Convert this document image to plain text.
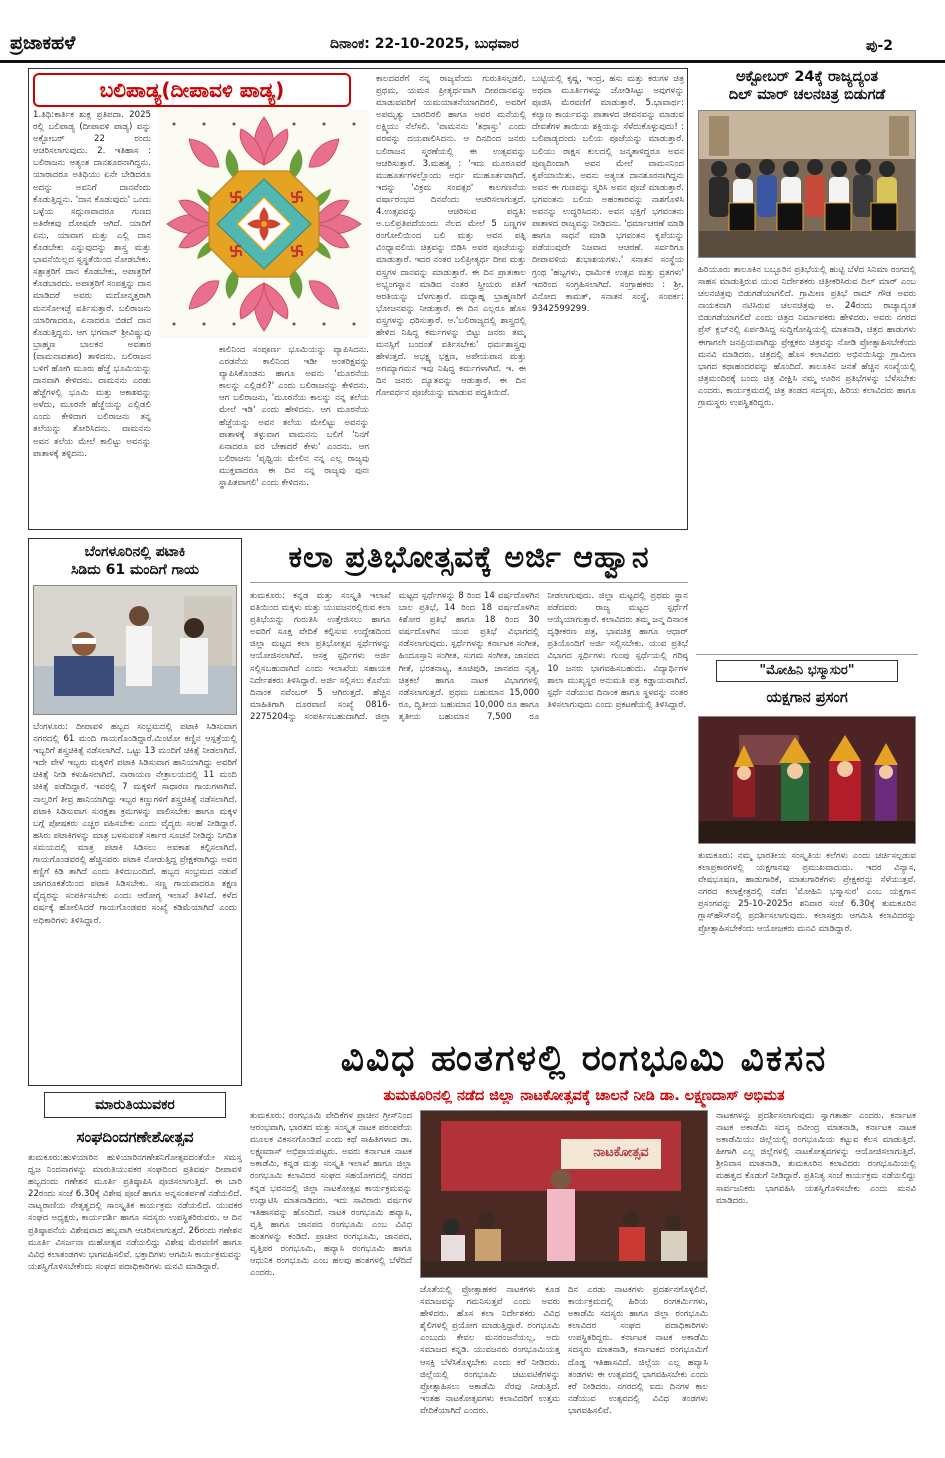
ಪ್ರಜಾಕಹಳೆ	ದಿನಾಂಕ: 22-10-2025, ಬುಧವಾರ	ಪು-2
ಬಲಿಪಾಡ್ಯ(ದೀಪಾವಳಿ ಪಾಡ್ಯ)
1.ತಿಥಿ:ಕಾರ್ತಿಕ ಶುಕ್ಲ ಪ್ರತಿಪದಾ. 2025 ರಲ್ಲಿ ಬಲಿಪಾಡ್ಯ (ದೀಪಾವಳಿ ಪಾಡ್ಯ) ವನ್ನು ಅಕ್ಟೋಬರ್ 22 ರಂದು ಆಚರಿಸಲಾಗುವುದು. 2. ಇತಿಹಾಸ : ಬಲಿರಾಜನು ಅತ್ಯಂತ ದಾನಶೂರನಾಗಿದ್ದನು. ಯಾರಾದರೂ ಅತಿಥಿಯು ಏನೇ ಬೇಡಿದರೂ ಅದನ್ನು ಅವನಿಗೆ ದಾನವೆಂದು ಕೊಡುತ್ತಿದ್ದನು. 'ದಾನ ಕೊಡುವುದು' ಒಂದು ಒಳ್ಳೆಯ ಸದ್ಗುಣವಾದರೂ ಗುಣದ ಅತಿರೇಕವು ದೋಷವೇ ಆಗಿದೆ. ಯಾರಿಗೆ ಏನು, ಯಾವಾಗ ಮತ್ತು ಎಲ್ಲಿ ದಾನ ಕೊಡಬೇಕು ಎನ್ನುವುದನ್ನು ಶಾಸ್ತ್ರ ಮತ್ತು ಭಾವನೆಯಿಲ್ಲದ ಸ್ವಸ್ಥತೆಯಿಂದ ನೋಡಬೇಕು. ಸತ್ಪಾತ್ರರಿಗೆ ದಾನ ಕೊಡಬೇಕು, ಅಪಾತ್ರರಿಗೆ ಕೊಡಬಾರದು. ಅಪಾತ್ರರಿಗೆ ಸಂಪತ್ತನ್ನು ದಾನ ಮಾಡಿದರೆ ಅವರು ಮದೋನ್ಮತ್ತರಾಗಿ ಮನಸೋಇಚ್ಛೆ ವರ್ತಿಸುತ್ತಾರೆ. ಬಲಿರಾಜನು ಯಾರಿಗಾದರೂ, ಏನಾದರೂ ಬಿಡದೆ ದಾನ ಕೊಡುತ್ತಿದ್ದನು. ಆಗ ಭಗವಾನ್ ಶ್ರೀವಿಷ್ಣುವು ಬ್ರಾಹ್ಮಣ ಬಾಲಕನ ಅವತಾರ (ವಾಮನಾವತಾರ) ತಾಳಿದನು. ಬಲಿರಾಜನ ಬಳಿಗೆ ಹೋಗಿ ಮೂರು ಹೆಜ್ಜೆ ಭೂಮಿಯನ್ನು ದಾನವಾಗಿ ಕೇಳಿದನು. ವಾಮನನು ಎರಡು ಹೆಜ್ಜೆಗಳಲ್ಲಿ ಭೂಮಿ ಮತ್ತು ಆಕಾಶವನ್ನು ಅಳೆದು, ಮೂರನೇ ಹೆಜ್ಜೆಯನ್ನು ಎಲ್ಲಿಡಲಿ ಎಂದು ಕೇಳಿದಾಗ ಬಲಿರಾಜನು ತನ್ನ ತಲೆಯನ್ನು ತೋರಿಸಿದನು. ವಾಮನನು ಅವನ ತಲೆಯ ಮೇಲೆ ಕಾಲಿಟ್ಟು ಅವನನ್ನು ಪಾತಾಳಕ್ಕೆ ತಳ್ಳಿದನು.
ಕಾಲಿನಿಂದ ಸಂಪೂರ್ಣ ಭೂಮಿಯನ್ನು ವ್ಯಾಪಿಸಿದನು. ಎರಡನೆಯ ಕಾಲಿನಿಂದ ಇಡೀ ಅಂತರಿಕ್ಷವನ್ನು ವ್ಯಾಪಿಸಿಕೊಂಡನು ಹಾಗೂ ಅವನು 'ಮೂರನೆಯ ಕಾಲನ್ನು ಎಲ್ಲಿಡಲಿ?' ಎಂದು ಬಲಿರಾಜನನ್ನು ಕೇಳಿದನು. ಆಗ ಬಲಿರಾಜನು, 'ಮೂರನೆಯ ಕಾಲನ್ನು ನನ್ನ ತಲೆಯ ಮೇಲೆ ಇಡಿ' ಎಂದು ಹೇಳಿದನು. ಆಗ ಮೂರನೆಯ ಹೆಜ್ಜೆಯನ್ನು ಅವನ ತಲೆಯ ಮೇಲಿಟ್ಟು ಅವನನ್ನು ಪಾತಾಳಕ್ಕೆ ತಳ್ಳುವಾಗ ವಾಮನನು ಬಲಿಗೆ 'ನಿನಗೆ ಏನಾದರೂ ವರ ಬೇಕಾದರೆ ಕೇಳು' ಎಂದನು. ಆಗ ಬಲಿರಾಜನು 'ಪೃಥ್ವಿಯ ಮೇಲಿನ ನನ್ನ ಎಲ್ಲ ರಾಜ್ಯವು ಮುಕ್ತವಾದರೂ ಈ ದಿನ ನನ್ನ ರಾಜ್ಯವು ಪುನಃ ಸ್ಥಾಪಿತವಾಗಲಿ' ಎಂದು ಕೇಳಿದನು.
ಕಾಲದವರೆಗೆ ನನ್ನ ರಾಜ್ಯವೆಂದು ಗುರುತಿಸಲ್ಪಡಲಿ. ಪ್ರಥಮ, ಯಮನ ಪ್ರೀತ್ಯರ್ಥವಾಗಿ ದೀಪದಾನವನ್ನು ಮಾಡುವವರಿಗೆ ಯಮಯಾತನೆಯಾಗದಿರಲಿ, ಅವರಿಗೆ ಅಪಮೃತ್ಯು ಬಾರದಿರಲಿ ಹಾಗೂ ಅವರ ಮನೆಯಲ್ಲಿ ಲಕ್ಷ್ಮಿಯು ನೆಲೆಸಲಿ. 'ವಾಮನನು 'ತಥಾಸ್ತು' ಎಂದು ವರವನ್ನು ದಯಪಾಲಿಸಿದನು. ಆ ದಿನದಿಂದ ಜನರು ಬಲಿರಾಜನ ಸ್ಮರಣೆಯಲ್ಲಿ ಈ ಉತ್ಸವವನ್ನು ಆಚರಿಸುತ್ತಾರೆ. 3.ಮಹತ್ವ : 'ಇದು ಮೂರೂವರೆ ಮುಹೂರ್ತಗಳಲ್ಲೊಂದು ಅರ್ಧ ಮುಹೂರ್ತವಾಗಿದೆ. ಇದನ್ನು 'ವಿಕ್ರಮ ಸಂವತ್ಸರ' ಕಾಲಗಣನೆಯ ವರ್ಷಾರಂಭದ ದಿನವೆಂದು ಆಚರಿಸಲಾಗುತ್ತದೆ. 4.ಉತ್ಸವವನ್ನು ಆಚರಿಸುವ ಪದ್ಧತಿ: ಅ.ಬಲಿಪ್ರತಿಪದೆಯಂದು ನೆಲದ ಮೇಲೆ 5 ಬಣ್ಣಗಳ ರಂಗೋಲಿಯಿಂದ ಬಲಿ ಮತ್ತು ಅವನ ಪತ್ನಿ ವಿಂಧ್ಯಾವಲಿಯ ಚಿತ್ರವನ್ನು ಬಿಡಿಸಿ ಅವರ ಪೂಜೆಯನ್ನು ಮಾಡುತ್ತಾರೆ. ಇದರ ನಂತರ ಬಲಿಪ್ರೀತ್ಯರ್ಥ ದೀಪ ಮತ್ತು ವಸ್ತ್ರಗಳ ದಾನವನ್ನು ಮಾಡುತ್ತಾರೆ. ಈ ದಿನ ಪ್ರಾತಃಕಾಲ ಅಭ್ಯಂಗಸ್ನಾನ ಮಾಡಿದ ನಂತರ ಸ್ತ್ರೀಯರು ಪತಿಗೆ ಆರತಿಯನ್ನು ಬೆಳಗುತ್ತಾರೆ. ಮಧ್ಯಾಹ್ನ ಬ್ರಾಹ್ಮಣರಿಗೆ ಭೋಜನವನ್ನು ನೀಡುತ್ತಾರೆ. ಈ ದಿನ ಎಲ್ಲರೂ ಹೊಸ ವಸ್ತ್ರಗಳನ್ನು ಧರಿಸುತ್ತಾರೆ. ಆ.'ಬಲಿರಾಜ್ಯದಲ್ಲಿ ಶಾಸ್ತ್ರದಲ್ಲಿ ಹೇಳಿದ ನಿಷಿದ್ಧ ಕರ್ಮಗಳನ್ನು ಬಿಟ್ಟು ಜನರು ತಮ್ಮ ಮನಸ್ಸಿಗೆ ಬಂದಂತೆ ವರ್ತಿಸಬೇಕು' ಧರ್ಮಶಾಸ್ತ್ರವು ಹೇಳುತ್ತದೆ. ಅಭಕ್ಷ್ಯ ಭಕ್ಷಣ, ಅಪೇಯಪಾನ ಮತ್ತು ಅಗಮ್ಯಾಗಮನ ಇವು ನಿಷಿದ್ಧ ಕರ್ಮಗಳಾಗಿವೆ. ಇ. ಈ ದಿನ ಜನರು ದ್ಯೂತವನ್ನು ಆಡುತ್ತಾರೆ. ಈ ದಿನ ಗೋವರ್ಧನ ಪೂಜೆಯನ್ನು ಮಾಡುವ ಪದ್ಧತಿಯಿದೆ.
ಬುಟ್ಟಿಯಲ್ಲಿ ಕೃಷ್ಣ, ಇಂದ್ರ, ಹಸು ಮತ್ತು ಕರುಗಳ ಚಿತ್ರ ಅಥವಾ ಮೂರ್ತಿಗಳನ್ನು ಜೋಡಿಸಿಟ್ಟು ಅವುಗಳನ್ನು ಪೂಜಿಸಿ ಮೆರವಣಿಗೆ ಮಾಡುತ್ತಾರೆ. 5.ಭಾವಾರ್ಥ: ಕಲ್ಯಾಣ ಕಾರ್ಯವನ್ನು ಪಾತಾಳದ ಜೀವನವನ್ನು ಮಾಡುವ ದೇವತೆಗಳ ತಾಯಿಯ ಶಕ್ತಿಯನ್ನು ಸೆಳೆದುಕೊಳ್ಳುವುದು! : ಬಲಿಪಾಡ್ಯದಂದು ಬಲಿಯ ಪೂಜೆಯನ್ನು ಮಾಡುತ್ತಾರೆ. ಬಲಿಯು ರಾಕ್ಷಸ ಕುಲದಲ್ಲಿ ಜನ್ಮತಾಳಿದ್ದರೂ ಅವನ ಪುಣ್ಯದಿಂದಾಗಿ ಅವನ ಮೇಲೆ ವಾಮನನಿಂದ ಕೃಪೆಯಾಯಿತು. ಅವನು ಅತ್ಯಂತ ದಾನಶೂರನಾಗಿದ್ದನು ಅವನ ಈ ಗುಣವನ್ನು ಸ್ಮರಿಸಿ ಅವನ ಪೂಜೆ ಮಾಡುತ್ತಾರೆ. ಭಗವಂತನು ಬಲಿಯ ಅಹಂಕಾರವನ್ನು ನಾಶಗೊಳಿಸಿ ಅವನನ್ನು ಉದ್ಧರಿಸಿದನು. ಅವನ ಭಕ್ತಿಗೆ ಭಗವಂತನು ಪಾತಾಳದ ರಾಜ್ಯವನ್ನು ನೀಡಿದನು. 'ಧರ್ಮಾಚರಣೆ ಮಾಡಿ ಹಾಗೂ ಸಾಧನೆ ಮಾಡಿ ಭಗವಂತನ ಕೃಪೆಯನ್ನು ಪಡೆಯುವುದೇ ನಿಜವಾದ ಆಚರಣೆ. ಸರ್ವರಿಗೂ ದೀಪಾವಳಿಯ ಶುಭಾಶಯಗಳು.' ಸನಾತನ ಸಂಸ್ಥೆಯ ಗ್ರಂಥ 'ಹಬ್ಬಗಳು, ಧಾರ್ಮಿಕ ಉತ್ಸವ ಮತ್ತು ವ್ರತಗಳು' ಇದರಿಂದ ಸಂಗ್ರಹಿಸಲಾಗಿದೆ. ಸಂಗ್ರಾಹಕರು : ಶ್ರೀ. ವಿನೋದ ಕಾಮತ್, ಸನಾತನ ಸಂಸ್ಥೆ, ಸಂಪರ್ಕ: 9342599299.
ಅಕ್ಟೋಬರ್ 24ಕ್ಕೆ ರಾಜ್ಯದ್ಯಂತ
ದಿಲ್ ಮಾರ್ ಚಲನಚಿತ್ರ ಬಿಡುಗಡೆ
ಹಿರಿಯೂರು ತಾಲೂಕಿನ ಬಬ್ಬೂರಿನ ಪ್ರತಿಭೆಯಲ್ಲಿ ಹುಟ್ಟಿ ಬೆಳೆದ ಸಿನಿಮಾ ರಂಗದಲ್ಲಿ ಸಾಹಸ ಮಾಡುತ್ತಿರುವ ಯುವ ನಿರ್ದೇಶಕರು ಚಿತ್ರೀಕರಿಸಿರುವ ದಿಲ್ ಮಾರ್ ಎಂಬ ಚಲನಚಿತ್ರವು ಬಿಡುಗಡೆಯಾಗಲಿದೆ. ಗ್ರಾಮೀಣ ಪ್ರತಿಭೆ ರಾಮ್ ಗೌಡ ಅವರು ನಾಯಕನಾಗಿ ನಟಿಸಿರುವ ಚಲನಚಿತ್ರವು ಅ. 24ರಂದು ರಾಜ್ಯಾದ್ಯಂತ ಬಿಡುಗಡೆಯಾಗಲಿದೆ ಎಂದು ಚಿತ್ರದ ನಿರ್ಮಾಪಕರು ಹೇಳಿದರು. ಅವರು ನಗರದ ಪ್ರೆಸ್ ಕ್ಲಬ್‌ನಲ್ಲಿ ಏರ್ಪಡಿಸಿದ್ದ ಸುದ್ದಿಗೋಷ್ಠಿಯಲ್ಲಿ ಮಾತನಾಡಿ, ಚಿತ್ರದ ಹಾಡುಗಳು ಈಗಾಗಲೇ ಜನಪ್ರಿಯವಾಗಿದ್ದು ಪ್ರೇಕ್ಷಕರು ಚಿತ್ರವನ್ನು ನೋಡಿ ಪ್ರೋತ್ಸಾಹಿಸಬೇಕೆಂದು ಮನವಿ ಮಾಡಿದರು. ಚಿತ್ರದಲ್ಲಿ ಹೊಸ ಕಲಾವಿದರು ಅಭಿನಯಿಸಿದ್ದು ಗ್ರಾಮೀಣ ಭಾಗದ ಕಥಾಹಂದರವನ್ನು ಹೊಂದಿದೆ. ತಾಲೂಕಿನ ಜನತೆ ಹೆಚ್ಚಿನ ಸಂಖ್ಯೆಯಲ್ಲಿ ಚಿತ್ರಮಂದಿರಕ್ಕೆ ಬಂದು ಚಿತ್ರ ವೀಕ್ಷಿಸಿ ನಮ್ಮ ಊರಿನ ಪ್ರತಿಭೆಗಳನ್ನು ಬೆಳೆಸಬೇಕು ಎಂದರು. ಕಾರ್ಯಕ್ರಮದಲ್ಲಿ ಚಿತ್ರ ತಂಡದ ಸದಸ್ಯರು, ಹಿರಿಯ ಕಲಾವಿದರು ಹಾಗೂ ಗ್ರಾಮಸ್ಥರು ಉಪಸ್ಥಿತರಿದ್ದರು.
"ಮೋಹಿನಿ ಭಸ್ಮಾಸುರ"
ಯಕ್ಷಗಾನ ಪ್ರಸಂಗ
ತುಮಕೂರು: ನಮ್ಮ ಭಾರತೀಯ ಸಂಸ್ಕೃತಿಯ ಕಲೆಗಳು ಎಂದು ಚರ್ಚಿಸಲ್ಪಡುವ ಕಲಾಪ್ರಕಾರಗಳಲ್ಲಿ ಯಕ್ಷಗಾನವು ಪ್ರಮುಖವಾದುದು. ಇದರ ವಿನ್ಯಾಸ, ವೇಷಭೂಷಣ, ಹಾಡುಗಾರಿಕೆ, ಮಾತುಗಾರಿಕೆಗಳು ಪ್ರೇಕ್ಷಕರನ್ನು ಸೆಳೆಯುತ್ತವೆ. ನಗರದ ಕಲಾಕ್ಷೇತ್ರದಲ್ಲಿ ನಡೆದ 'ಮೋಹಿನಿ ಭಸ್ಮಾಸುರ' ಎಂಬ ಯಕ್ಷಗಾನ ಪ್ರಸಂಗವನ್ನು 25-10-2025ರ ಶನಿವಾರ ಸಂಜೆ 6.30ಕ್ಕೆ ತುಮಕೂರಿನ ಗ್ಲಾಸ್‌ಹೌಸ್‌ನಲ್ಲಿ ಪ್ರದರ್ಶಿಸಲಾಗುವುದು. ಕಲಾಸಕ್ತರು ಆಗಮಿಸಿ ಕಲಾವಿದರನ್ನು ಪ್ರೋತ್ಸಾಹಿಸಬೇಕೆಂದು ಆಯೋಜಕರು ಮನವಿ ಮಾಡಿದ್ದಾರೆ.
ಬೆಂಗಳೂರಿನಲ್ಲಿ ಪಟಾಕಿ
ಸಿಡಿದು 61 ಮಂದಿಗೆ ಗಾಯ
ಬೆಂಗಳೂರು: ದೀಪಾವಳಿ ಹಬ್ಬದ ಸಂಭ್ರಮದಲ್ಲಿ ಪಟಾಕಿ ಸಿಡಿಸುವಾಗ ನಗರದಲ್ಲಿ 61 ಮಂದಿ ಗಾಯಗೊಂಡಿದ್ದಾರೆ.ಮಿಂಟೋ ಕಣ್ಣಿನ ಆಸ್ಪತ್ರೆಯಲ್ಲಿ ಇಬ್ಬರಿಗೆ ಶಸ್ತ್ರಚಿಕಿತ್ಸೆ ನಡೆಸಲಾಗಿದೆ. ಒಟ್ಟು 13 ಮಂದಿಗೆ ಚಿಕಿತ್ಸೆ ನೀಡಲಾಗಿದೆ. ಇದೇ ವೇಳೆ ಇಬ್ಬರು ಮಕ್ಕಳಿಗೆ ಪಟಾಕಿ ಸಿಡಿಸುವಾಗ ಹಾನಿಯಾಗಿದ್ದು ಅವರಿಗೆ ಚಿಕಿತ್ಸೆ ನೀಡಿ ಕಳುಹಿಸಲಾಗಿದೆ. ನಾರಾಯಣ ನೇತ್ರಾಲಯದಲ್ಲಿ 11 ಮಂದಿ ಚಿಕಿತ್ಸೆ ಪಡೆದಿದ್ದಾರೆ. ಇವರಲ್ಲಿ 7 ಮಕ್ಕಳಿಗೆ ಸಾಧಾರಣ ಗಾಯಗಳಾಗಿವೆ. ನಾಲ್ವರಿಗೆ ತೀವ್ರ ಹಾನಿಯಾಗಿದ್ದು ಇಬ್ಬರ ಕಣ್ಣುಗಳಿಗೆ ಶಸ್ತ್ರಚಿಕಿತ್ಸೆ ನಡೆಸಲಾಗಿದೆ. ಪಟಾಕಿ ಸಿಡಿಸುವಾಗ ಸುರಕ್ಷತಾ ಕ್ರಮಗಳನ್ನು ಪಾಲಿಸಬೇಕು ಹಾಗೂ ಮಕ್ಕಳ ಬಗ್ಗೆ ಪೋಷಕರು ಎಚ್ಚರ ವಹಿಸಬೇಕು ಎಂದು ವೈದ್ಯರು ಸಲಹೆ ನೀಡಿದ್ದಾರೆ. ಹಸಿರು ಪಟಾಕಿಗಳನ್ನು ಮಾತ್ರ ಬಳಸುವಂತೆ ಸರ್ಕಾರ ಸೂಚನೆ ನೀಡಿದ್ದು ನಿಗದಿತ ಸಮಯದಲ್ಲಿ ಮಾತ್ರ ಪಟಾಕಿ ಸಿಡಿಸಲು ಅವಕಾಶ ಕಲ್ಪಿಸಲಾಗಿದೆ. ಗಾಯಗೊಂಡವರಲ್ಲಿ ಹೆಚ್ಚಿನವರು ಪಟಾಕಿ ನೋಡುತ್ತಿದ್ದ ಪ್ರೇಕ್ಷಕರಾಗಿದ್ದು ಅವರ ಕಣ್ಣಿಗೆ ಕಿಡಿ ತಾಗಿದೆ ಎಂದು ತಿಳಿದುಬಂದಿದೆ. ಹಬ್ಬದ ಸಂಭ್ರಮದ ನಡುವೆ ಜಾಗರೂಕತೆಯಿಂದ ಪಟಾಕಿ ಸಿಡಿಸಬೇಕು. ಸಣ್ಣ ಗಾಯವಾದರೂ ತಕ್ಷಣ ವೈದ್ಯರನ್ನು ಸಂಪರ್ಕಿಸಬೇಕು ಎಂದು ಆರೋಗ್ಯ ಇಲಾಖೆ ತಿಳಿಸಿದೆ. ಕಳೆದ ವರ್ಷಕ್ಕೆ ಹೋಲಿಸಿದರೆ ಗಾಯಗೊಂಡವರ ಸಂಖ್ಯೆ ಕಡಿಮೆಯಾಗಿದೆ ಎಂದು ಅಧಿಕಾರಿಗಳು ತಿಳಿಸಿದ್ದಾರೆ.
ಮಾರುತಿಯುವಕರ
ಸಂಘದಿಂದಗಣೇಶೋತ್ಸವ
ತುಮಕೂರು:ಹುಳಿಯಾರಿನ ಹುಳಿಯಾರಿನಗಣೇಶನಿಗೋತ್ಸವದಂತೆಯೇ ಸಮಸ್ತ ಧ್ವಜ ನಿಂದನಾಗಳನ್ನು ಮಾರುತಿಯುವಕರ ಸಂಘದಿಂದ ಪ್ರತಿವರ್ಷ ದೀಪಾವಳಿ ಹಬ್ಬದಂದು ಗಣೇಶನ ಮೂರ್ತಿ ಪ್ರತಿಷ್ಠಾಪಿಸಿ ಪೂಜಿಸಲಾಗುತ್ತಿದೆ. ಈ ಬಾರಿ 22ರಂದು ಸಂಜೆ 6.30ಕ್ಕೆ ವಿಶೇಷ ಪೂಜೆ ಹಾಗೂ ಅನ್ನಸಂತರ್ಪಣೆ ನಡೆಯಲಿದೆ. ನಾಟ್ಯರಾಣಿಯ ನೇತೃತ್ವದಲ್ಲಿ ಸಾಂಸ್ಕೃತಿಕ ಕಾರ್ಯಕ್ರಮ ನಡೆಯಲಿದೆ. ಯುವಕರ ಸಂಘದ ಅಧ್ಯಕ್ಷರು, ಕಾರ್ಯದರ್ಶಿ ಹಾಗೂ ಸದಸ್ಯರು ಉಪಸ್ಥಿತರಿರುವರು. ಆ ದಿನ ಪ್ರತಿಷ್ಠಾಪನೆಯ ವಿಶೇಷವಾದ ಹಬ್ಬವಾಗಿ ಆಚರಿಸಲಾಗುತ್ತದೆ. 26ರಂದು ಗಣೇಶನ ಮೂರ್ತಿ ವಿಸರ್ಜನಾ ಮಹೋತ್ಸವ ನಡೆಯಲಿದ್ದು ವಿಶೇಷ ಮೆರವಣಿಗೆ ಹಾಗೂ ವಿವಿಧ ಕಲಾತಂಡಗಳು ಭಾಗವಹಿಸಲಿವೆ. ಭಕ್ತಾದಿಗಳು ಆಗಮಿಸಿ ಕಾರ್ಯಕ್ರಮವನ್ನು ಯಶಸ್ವಿಗೊಳಿಸಬೇಕೆಂದು ಸಂಘದ ಪದಾಧಿಕಾರಿಗಳು ಮನವಿ ಮಾಡಿದ್ದಾರೆ.
ಕಲಾ ಪ್ರತಿಭೋತ್ಸವಕ್ಕೆ ಅರ್ಜಿ ಆಹ್ವಾನ
ತುಮಕೂರು: ಕನ್ನಡ ಮತ್ತು ಸಂಸ್ಕೃತಿ ಇಲಾಖೆ ವತಿಯಿಂದ ಮಕ್ಕಳು ಮತ್ತು ಯುವಜನರಲ್ಲಿರುವ ಕಲಾ ಪ್ರತಿಭೆಯನ್ನು ಗುರುತಿಸಿ ಉತ್ತೇಜಿಸಲು ಹಾಗೂ ಅವರಿಗೆ ಸೂಕ್ತ ವೇದಿಕೆ ಕಲ್ಪಿಸುವ ಉದ್ದೇಶದಿಂದ ಜಿಲ್ಲಾ ಮಟ್ಟದ ಕಲಾ ಪ್ರತಿಭೋತ್ಸವ ಸ್ಪರ್ಧೆಗಳನ್ನು ಆಯೋಜಿಸಲಾಗಿದೆ. ಆಸಕ್ತ ಸ್ಪರ್ಧಿಗಳು ಅರ್ಜಿ ಸಲ್ಲಿಸಬಹುದಾಗಿದೆ ಎಂದು ಇಲಾಖೆಯ ಸಹಾಯಕ ನಿರ್ದೇಶಕರು ತಿಳಿಸಿದ್ದಾರೆ. ಅರ್ಜಿ ಸಲ್ಲಿಸಲು ಕೊನೆಯ ದಿನಾಂಕ ನವೆಂಬರ್ 5 ಆಗಿರುತ್ತದೆ. ಹೆಚ್ಚಿನ ಮಾಹಿತಿಗಾಗಿ ದೂರವಾಣಿ ಸಂಖ್ಯೆ 0816-2275204ನ್ನು ಸಂಪರ್ಕಿಸಬಹುದಾಗಿದೆ. ಜಿಲ್ಲಾ ಮಟ್ಟದ ಸ್ಪರ್ಧೆಗಳನ್ನು 8 ರಿಂದ 14 ವರ್ಷದೊಳಗಿನ ಬಾಲ ಪ್ರತಿಭೆ, 14 ರಿಂದ 18 ವರ್ಷದೊಳಗಿನ ಕಿಶೋರ ಪ್ರತಿಭೆ ಹಾಗೂ 18 ರಿಂದ 30 ವರ್ಷದೊಳಗಿನ ಯುವ ಪ್ರತಿಭೆ ವಿಭಾಗದಲ್ಲಿ ನಡೆಸಲಾಗುವುದು. ಸ್ಪರ್ಧೆಗಳನ್ನು ಕರ್ನಾಟಕ ಸಂಗೀತ, ಹಿಂದೂಸ್ತಾನಿ ಸಂಗೀತ, ಸುಗಮ ಸಂಗೀತ, ಜಾನಪದ ಗೀತೆ, ಭರತನಾಟ್ಯ, ಕೂಚಿಪುಡಿ, ಜಾನಪದ ನೃತ್ಯ, ಚಿತ್ರಕಲೆ ಹಾಗೂ ನಾಟಕ ವಿಭಾಗಗಳಲ್ಲಿ ನಡೆಸಲಾಗುತ್ತದೆ. ಪ್ರಥಮ ಬಹುಮಾನ 15,000 ರೂ, ದ್ವಿತೀಯ ಬಹುಮಾನ 10,000 ರೂ ಹಾಗೂ ತೃತೀಯ ಬಹುಮಾನ 7,500 ರೂ ನೀಡಲಾಗುವುದು. ಜಿಲ್ಲಾ ಮಟ್ಟದಲ್ಲಿ ಪ್ರಥಮ ಸ್ಥಾನ ಪಡೆದವರು ರಾಜ್ಯ ಮಟ್ಟದ ಸ್ಪರ್ಧೆಗೆ ಆಯ್ಕೆಯಾಗುತ್ತಾರೆ. ಕಲಾವಿದರು ತಮ್ಮ ಜನ್ಮ ದಿನಾಂಕ ದೃಢೀಕರಣ ಪತ್ರ, ಭಾವಚಿತ್ರ ಹಾಗೂ ಆಧಾರ್ ಪ್ರತಿಯೊಂದಿಗೆ ಅರ್ಜಿ ಸಲ್ಲಿಸಬೇಕು. ಯುವ ಪ್ರತಿಭೆ ವಿಭಾಗದ ಸ್ಪರ್ಧಿಗಳು ಗುಂಪು ಸ್ಪರ್ಧೆಯಲ್ಲಿ ಗರಿಷ್ಠ 10 ಜನರು ಭಾಗವಹಿಸಬಹುದು. ವಿದ್ಯಾರ್ಥಿಗಳ ಶಾಲಾ ಮುಖ್ಯಸ್ಥರ ಅನುಮತಿ ಪತ್ರ ಕಡ್ಡಾಯವಾಗಿದೆ. ಸ್ಪರ್ಧೆ ನಡೆಯುವ ದಿನಾಂಕ ಹಾಗೂ ಸ್ಥಳವನ್ನು ನಂತರ ತಿಳಿಸಲಾಗುವುದು ಎಂದು ಪ್ರಕಟಣೆಯಲ್ಲಿ ತಿಳಿಸಿದ್ದಾರೆ.
ವಿವಿಧ ಹಂತಗಳಲ್ಲಿ ರಂಗಭೂಮಿ ವಿಕಸನ
ತುಮಕೂರಿನಲ್ಲಿ ನಡೆದ ಜಿಲ್ಲಾ ನಾಟಕೋತ್ಸವಕ್ಕೆ ಚಾಲನೆ ನೀಡಿ ಡಾ. ಲಕ್ಷ್ಮಣದಾಸ್ ಅಭಿಮತ
ತುಮಕೂರು: ರಂಗಭೂಮಿ ವೇದಿಕೆಗಳ ಪ್ರಾಚೀನ ಗ್ರೀಸ್‌ನಿಂದ ಆರಂಭವಾಗಿ, ಭಾರತದ ಮತ್ತು ಸಂಸ್ಕೃತ ನಾಟಕ ಪರಂಪರೆಯ ಮೂಲಕ ವಿಕಸನಗೊಂಡಿದೆ ಎಂದು ಕಥೆ ಸಾಹಿತಿಗಳಾದ ಡಾ. ಲಕ್ಷ್ಮಣದಾಸ್ ಅಭಿಪ್ರಾಯಪಟ್ಟರು. ಅವರು ಕರ್ನಾಟಕ ನಾಟಕ ಅಕಾಡೆಮಿ, ಕನ್ನಡ ಮತ್ತು ಸಂಸ್ಕೃತಿ ಇಲಾಖೆ ಹಾಗೂ ಜಿಲ್ಲಾ ರಂಗಭೂಮಿ ಕಲಾವಿದರ ಸಂಘದ ಸಹಯೋಗದಲ್ಲಿ ನಗರದ ಕನ್ನಡ ಭವನದಲ್ಲಿ ಜಿಲ್ಲಾ ನಾಟಕೋತ್ಸವ ಕಾರ್ಯಕ್ರಮವನ್ನು ಉದ್ಘಾಟಿಸಿ ಮಾತನಾಡಿದರು. ಇದು ಸಾವಿರಾರು ವರ್ಷಗಳ ಇತಿಹಾಸವನ್ನು ಹೊಂದಿದೆ. ನಾಟಕ ರಂಗಭೂಮಿ ಹವ್ಯಾಸಿ, ವೃತ್ತಿ ಹಾಗೂ ಜಾನಪದ ರಂಗಭೂಮಿ ಎಂಬ ವಿವಿಧ ಹಂತಗಳನ್ನು ಕಂಡಿದೆ. ಪ್ರಾಚೀನ ರಂಗಭೂಮಿ, ಜಾನಪದ, ವೃತ್ತಿಪರ ರಂಗಭೂಮಿ, ಹವ್ಯಾಸಿ ರಂಗಭೂಮಿ ಹಾಗೂ ಆಧುನಿಕ ರಂಗಭೂಮಿ ಎಂಬ ಹಲವು ಹಂತಗಳಲ್ಲಿ ಬೆಳೆದಿದೆ ಎಂದರು.
ನಾಟಕೋತ್ಸವ
ಜೊತೆಯಲ್ಲಿ ಪ್ರೋತ್ಸಾಹಕರ ನಾಟಕಗಳು ಕೂಡ ಸಮಾಜವನ್ನು ಗಮನಿಸುತ್ತವೆ ಎಂದು ಅವರು ಹೇಳಿದರು. ಹೊಸ ಕಲಾ ನಿರ್ದೇಶಕರು ವಿವಿಧ ಶೈಲಿಗಳಲ್ಲಿ ಪ್ರಯೋಗ ಮಾಡುತ್ತಿದ್ದಾರೆ. ರಂಗಭೂಮಿ ಎಂಬುದು ಕೇವಲ ಮನರಂಜನೆಯಲ್ಲ, ಅದು ಸಮಾಜದ ಕನ್ನಡಿ. ಯುವಜನರು ರಂಗಭೂಮಿಯತ್ತ ಆಸಕ್ತಿ ಬೆಳೆಸಿಕೊಳ್ಳಬೇಕು ಎಂದು ಕರೆ ನೀಡಿದರು. ಜಿಲ್ಲೆಯಲ್ಲಿ ರಂಗಭೂಮಿ ಚಟುವಟಿಕೆಗಳನ್ನು ಪ್ರೋತ್ಸಾಹಿಸಲು ಅಕಾಡೆಮಿ ನೆರವು ನೀಡುತ್ತಿದೆ. ಇಂತಹ ನಾಟಕೋತ್ಸವಗಳು ಕಲಾವಿದರಿಗೆ ಉತ್ತಮ ವೇದಿಕೆಯಾಗಿದೆ ಎಂದರು.
ದಿನ ಎರಡು ನಾಟಕಗಳು ಪ್ರದರ್ಶನಗೊಳ್ಳಲಿವೆ. ಕಾರ್ಯಕ್ರಮದಲ್ಲಿ ಹಿರಿಯ ರಂಗಕರ್ಮಿಗಳು, ಅಕಾಡೆಮಿ ಸದಸ್ಯರು ಹಾಗೂ ಜಿಲ್ಲಾ ರಂಗಭೂಮಿ ಕಲಾವಿದರ ಸಂಘದ ಪದಾಧಿಕಾರಿಗಳು ಉಪಸ್ಥಿತರಿದ್ದರು. ಕರ್ನಾಟಕ ನಾಟಕ ಅಕಾಡೆಮಿ ಸದಸ್ಯರು ಮಾತನಾಡಿ, ಕರ್ನಾಟಕದ ರಂಗಭೂಮಿಗೆ ದೊಡ್ಡ ಇತಿಹಾಸವಿದೆ. ಜಿಲ್ಲೆಯ ಎಲ್ಲ ಹವ್ಯಾಸಿ ತಂಡಗಳು ಈ ಉತ್ಸವದಲ್ಲಿ ಭಾಗವಹಿಸಬೇಕು ಎಂದು ಕರೆ ನೀಡಿದರು. ನಗರದಲ್ಲಿ ಐದು ದಿನಗಳ ಕಾಲ ನಡೆಯುವ ಉತ್ಸವದಲ್ಲಿ ವಿವಿಧ ತಂಡಗಳು ಭಾಗವಹಿಸಲಿವೆ.
ನಾಟಕಗಳನ್ನು ಪ್ರದರ್ಶಿಸಲಾಗುವುದು ಸ್ವಾಗತಾರ್ಹ ಎಂದರು. ಕರ್ನಾಟಕ ನಾಟಕ ಅಕಾಡೆಮಿ ಸದಸ್ಯ ರವೀಂದ್ರ ಮಾತನಾಡಿ, ಕರ್ನಾಟಕ ನಾಟಕ ಅಕಾಡೆಮಿಯು ಜಿಲ್ಲೆಯಲ್ಲಿ ರಂಗಭೂಮಿಯ ಕಟ್ಟುವ ಕೆಲಸ ಮಾಡುತ್ತಿದೆ. ಹೀಗಾಗಿ ಎಲ್ಲ ಜಿಲ್ಲೆಗಳಲ್ಲಿ ನಾಟಕೋತ್ಸವಗಳನ್ನು ಆಯೋಜಿಸಲಾಗುತ್ತಿದೆ. ಶ್ರೀನಿವಾಸ ಮಾತನಾಡಿ, ತುಮಕೂರಿನ ಕಲಾವಿದರು ರಂಗಭೂಮಿಯಲ್ಲಿ ಮಹತ್ವದ ಕೊಡುಗೆ ನೀಡಿದ್ದಾರೆ. ಪ್ರತಿನಿತ್ಯ ಸಂಜೆ ಕಾರ್ಯಕ್ರಮ ನಡೆಯಲಿದ್ದು ಸಾರ್ವಜನಿಕರು ಭಾಗವಹಿಸಿ ಯಶಸ್ವಿಗೊಳಿಸಬೇಕು ಎಂದು ಮನವಿ ಮಾಡಿದರು.
